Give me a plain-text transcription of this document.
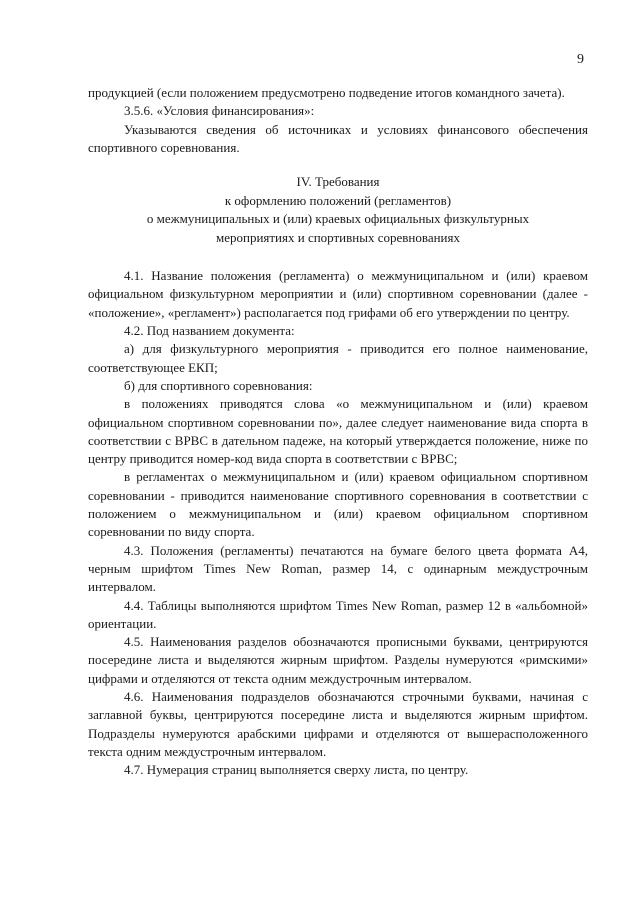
9

продукцией (если положением предусмотрено подведение итогов командного зачета).

3.5.6. «Условия финансирования»:

Указываются сведения об источниках и условиях финансового обеспечения спортивного соревнования.

IV. Требования
к оформлению положений (регламентов)
о межмуниципальных и (или) краевых официальных физкультурных
мероприятиях и спортивных соревнованиях

4.1. Название положения (регламента) о межмуниципальном и (или) краевом официальном физкультурном мероприятии и (или) спортивном соревновании (далее - «положение», «регламент») располагается под грифами об его утверждении по центру.

4.2. Под названием документа:

а) для физкультурного мероприятия - приводится его полное наименование, соответствующее ЕКП;

б) для спортивного соревнования:

в положениях приводятся слова «о межмуниципальном и (или) краевом официальном спортивном соревновании по», далее следует наименование вида спорта в соответствии с ВРВС в дательном падеже, на который утверждается положение, ниже по центру приводится номер-код вида спорта в соответствии с ВРВС;

в регламентах о межмуниципальном и (или) краевом официальном спортивном соревновании - приводится наименование спортивного соревнования в соответствии с положением о межмуниципальном и (или) краевом официальном спортивном соревновании по виду спорта.

4.3. Положения (регламенты) печатаются на бумаге белого цвета формата А4, черным шрифтом Times New Roman, размер 14, с одинарным междустрочным интервалом.

4.4. Таблицы выполняются шрифтом Times New Roman, размер 12 в «альбомной» ориентации.

4.5. Наименования разделов обозначаются прописными буквами, центрируются посередине листа и выделяются жирным шрифтом. Разделы нумеруются «римскими» цифрами и отделяются от текста одним междустрочным интервалом.

4.6. Наименования подразделов обозначаются строчными буквами, начиная с заглавной буквы, центрируются посередине листа и выделяются жирным шрифтом. Подразделы нумеруются арабскими цифрами и отделяются от вышерасположенного текста одним междустрочным интервалом.

4.7. Нумерация страниц выполняется сверху листа, по центру.
